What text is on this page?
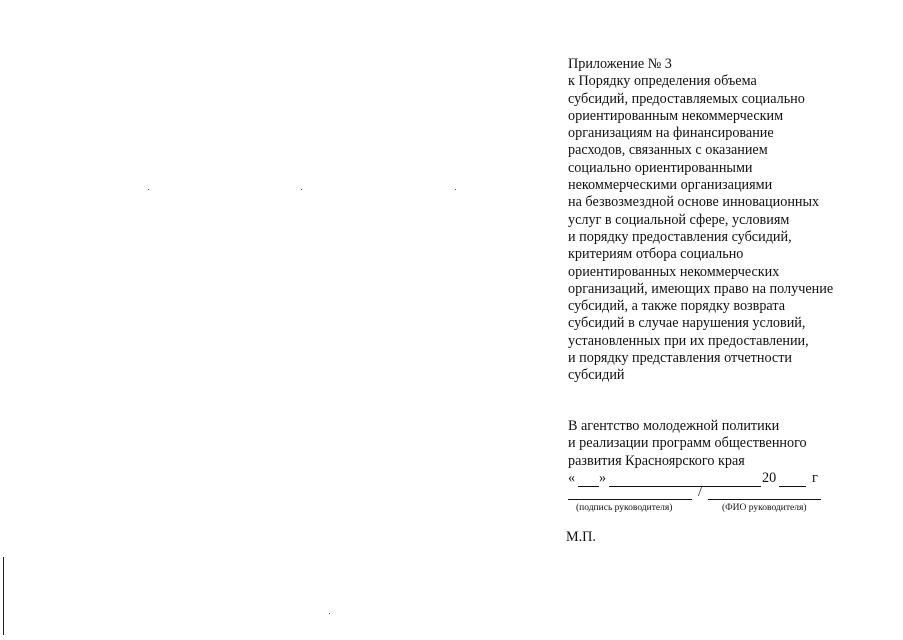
Приложение № 3
к Порядку определения объема
субсидий, предоставляемых социально
ориентированным некоммерческим
организациям на финансирование
расходов, связанных с оказанием
социально ориентированными
некоммерческими организациями
на безвозмездной основе инновационных
услуг в социальной сфере, условиям
и порядку предоставления субсидий,
критериям отбора социально
ориентированных некоммерческих
организаций, имеющих право на получение
субсидий, а также порядку возврата
субсидий в случае нарушения условий,
установленных при их предоставлении,
и порядку представления отчетности
субсидий
В агентство молодежной политики
и реализации программ общественного
развития Красноярского края
« »	20	г
/
(подпись руководителя)	(ФИО руководителя)
М.П.
